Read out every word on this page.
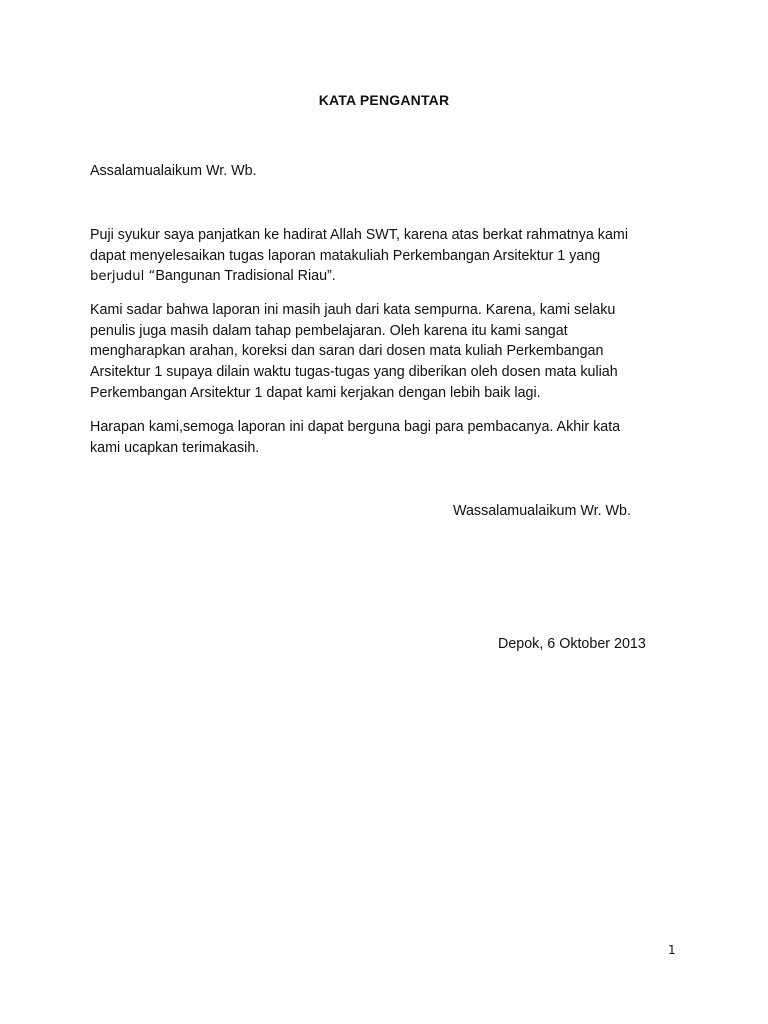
KATA PENGANTAR
Assalamualaikum Wr. Wb.
Puji syukur saya panjatkan ke hadirat Allah SWT, karena atas berkat rahmatnya kami
dapat menyelesaikan tugas laporan matakuliah Perkembangan Arsitektur 1 yang
berjudul “Bangunan Tradisional Riau”.
Kami sadar bahwa laporan ini masih jauh dari kata sempurna. Karena, kami selaku
penulis juga masih dalam tahap pembelajaran. Oleh karena itu kami sangat
mengharapkan arahan, koreksi dan saran dari dosen mata kuliah Perkembangan
Arsitektur 1 supaya dilain waktu tugas-tugas yang diberikan oleh dosen mata kuliah
Perkembangan Arsitektur 1 dapat kami kerjakan dengan lebih baik lagi.
Harapan kami,semoga laporan ini dapat berguna bagi para pembacanya. Akhir kata
kami ucapkan terimakasih.
Wassalamualaikum Wr. Wb.
Depok, 6 Oktober 2013
1
